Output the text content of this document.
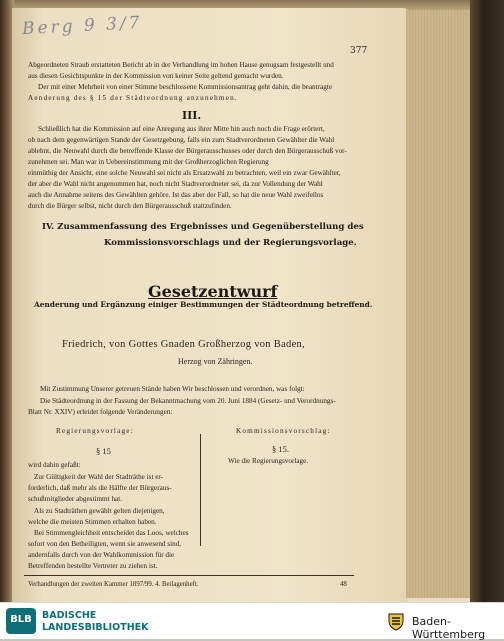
Berg 9 3/7
377
Abgeordneten Straub erstatteten Bericht ab in der Verhandlung im hohen Hause genugsam festgestellt und
aus diesen Gesichtspunkte in der Kommission von keiner Seite geltend gemacht wurden.
Der mit einer Mehrheit von einer Stimme beschlossene Kommissionsantrag geht dahin, die beantragte
Aenderung des § 15 der Städteordnung anzunehmen.
III.
Schließlich hat die Kommission auf eine Anregung aus ihrer Mitte hin auch noch die Frage erörtert,
ob nach dem gegenwärtigen Stande der Gesetzgebung, falls ein zum Stadtverordneten Gewählter die Wahl
ablehnt, die Neuwahl durch die betreffende Klasse der Bürgerausschusses oder durch den Bürgerausschuß vor-
zunehmen sei. Man war in Uebereinstimmung mit der Großherzoglichen Regierung
einmüthig der Ansicht, eine solche Neuwahl sei nicht als Ersatzwahl zu betrachten, weil ein zwar Gewählter,
der aber die Wahl nicht angenommen hat, noch nicht Stadtverordneter sei, da zur Vollendung der Wahl
auch die Annahme seitens des Gewählten gehöre. Ist das aber der Fall, so hat die neue Wahl zweifellos
durch die Bürger selbst, nicht durch den Bürgerausschuß stattzufinden.
IV. Zusammenfassung des Ergebnisses und Gegenüberstellung des
Kommissionsvorschlags und der Regierungsvorlage.
Gesetzentwurf
Aenderung und Ergänzung einiger Bestimmungen der Städteordnung betreffend.
Friedrich, von Gottes Gnaden Großherzog von Baden,
Herzog von Zähringen.
Mit Zustimmung Unserer getreuen Stände haben Wir beschlossen und verordnen, was folgt:
Die Städteordnung in der Fassung der Bekanntmachung vom 20. Juni 1884 (Gesetz- und Verordnungs-
Blatt Nr. XXIV) erleidet folgende Veränderungen:
Regierungsvorlage:	Kommissionsvorschlag:
§ 15	§ 15.
Wie die Regierungsvorlage.
wird dahin gefaßt:
Zur Gültigkeit der Wahl der Stadträthe ist er-
forderlich, daß mehr als die Hälfte der Bürgeraus-
schußmitglieder abgestimmt hat.
Als zu Stadträthen gewählt gelten diejenigen,
welche die meisten Stimmen erhalten haben.
Bei Stimmengleichheit entscheidet das Loos, welches
sofort von den Betheiligten, wenn sie anwesend sind,
andernfalls durch von der Wahlkommission für die
Betreffenden bestellte Vertreter zu ziehen ist.
Verhandlungen der zweiten Kammer 1897/99. 4. Beilagenheft.	48
BLB	BADISCHE
LANDESBIBLIOTHEK	Baden-Württemberg
